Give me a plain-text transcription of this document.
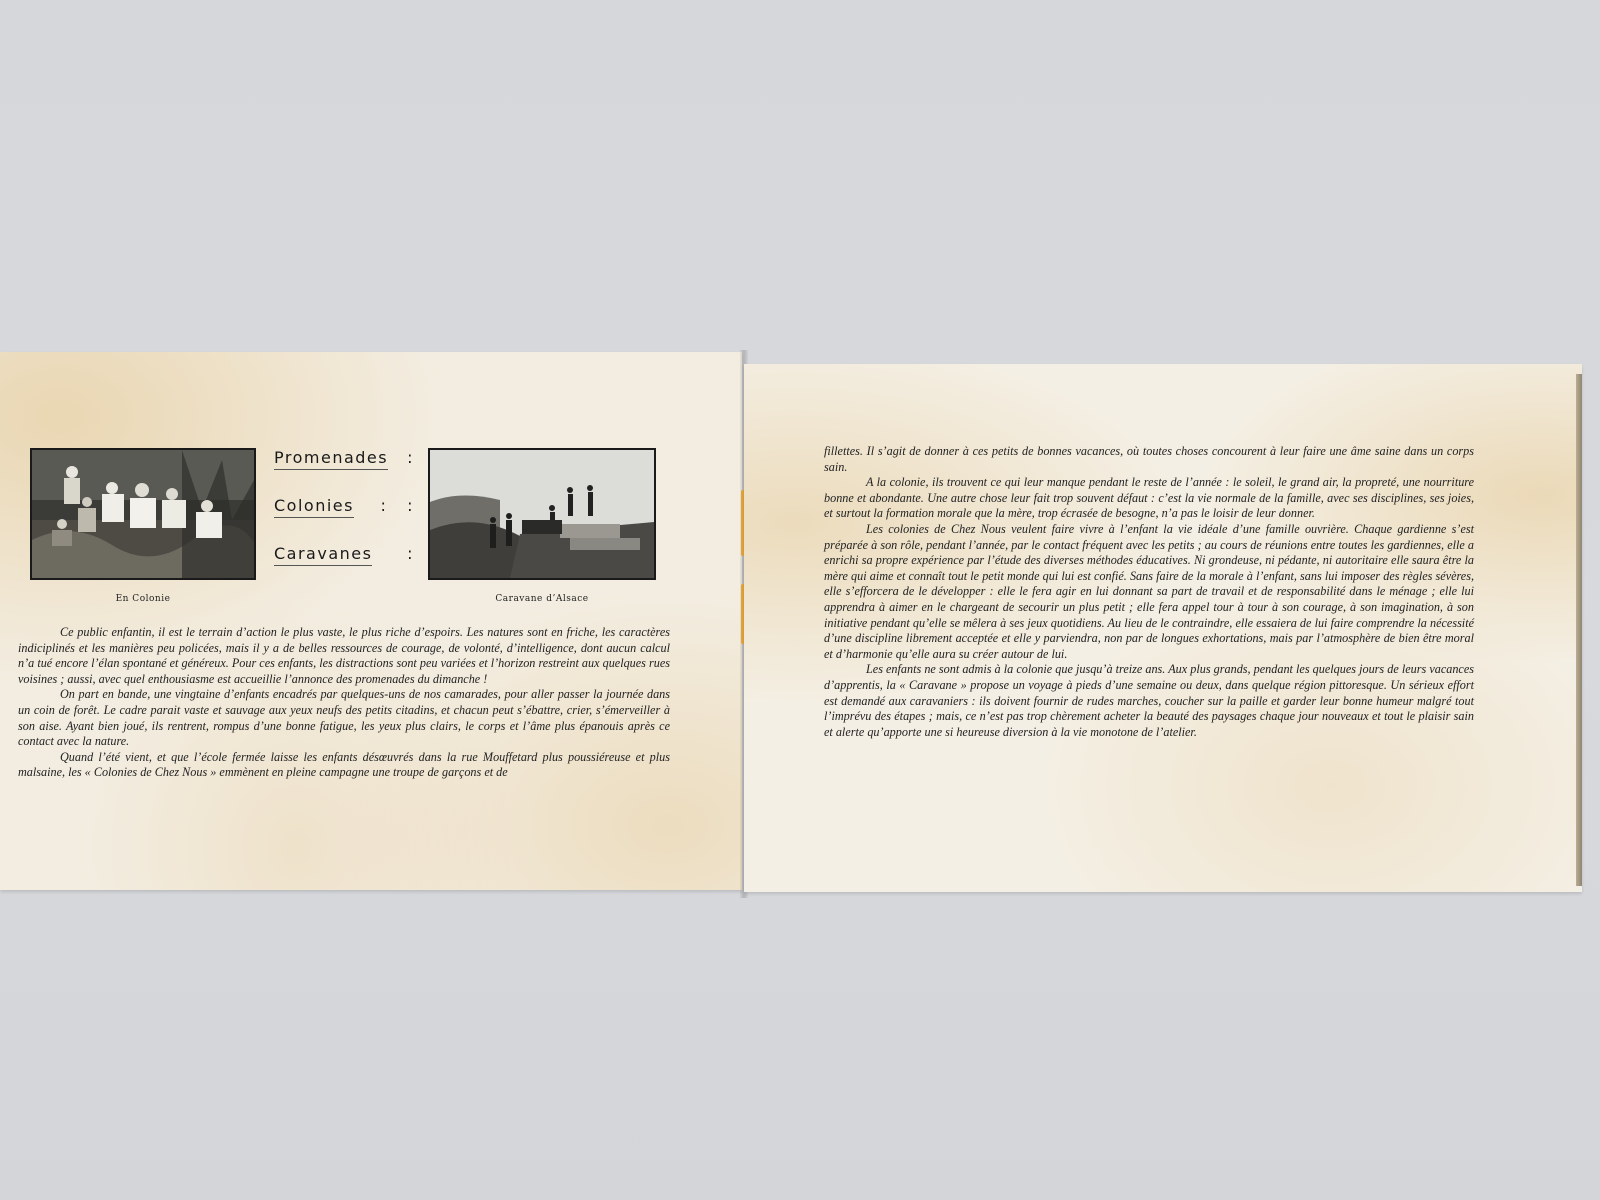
En Colonie
Promenades :
Colonies :   :
Caravanes :
Caravane d’Alsace

Ce public enfantin, il est le terrain d’action le plus vaste, le plus riche d’espoirs. Les natures sont en friche, les caractères indiciplinés et les manières peu policées, mais il y a de belles ressources de courage, de volonté, d’intelligence, dont aucun calcul n’a tué encore l’élan spontané et généreux. Pour ces enfants, les distractions sont peu variées et l’horizon restreint aux quelques rues voisines ; aussi, avec quel enthousiasme est accueillie l’annonce des promenades du dimanche !

On part en bande, une vingtaine d’enfants encadrés par quelques-uns de nos camarades, pour aller passer la journée dans un coin de forêt. Le cadre parait vaste et sauvage aux yeux neufs des petits citadins, et chacun peut s’ébattre, crier, s’émerveiller à son aise. Ayant bien joué, ils rentrent, rompus d’une bonne fatigue, les yeux plus clairs, le corps et l’âme plus épanouis après ce contact avec la nature.

Quand l’été vient, et que l’école fermée laisse les enfants désœuvrés dans la rue Mouffetard plus poussiéreuse et plus malsaine, les « Colonies de Chez Nous » emmènent en pleine campagne une troupe de garçons et de

fillettes. Il s’agit de donner à ces petits de bonnes vacances, où toutes choses concourent à leur faire une âme saine dans un corps sain.

A la colonie, ils trouvent ce qui leur manque pendant le reste de l’année : le soleil, le grand air, la propreté, une nourriture bonne et abondante. Une autre chose leur fait trop souvent défaut : c’est la vie normale de la famille, avec ses disciplines, ses joies, et surtout la formation morale que la mère, trop écrasée de besogne, n’a pas le loisir de leur donner.

Les colonies de Chez Nous veulent faire vivre à l’enfant la vie idéale d’une famille ouvrière. Chaque gardienne s’est préparée à son rôle, pendant l’année, par le contact fréquent avec les petits ; au cours de réunions entre toutes les gardiennes, elle a enrichi sa propre expérience par l’étude des diverses méthodes éducatives. Ni grondeuse, ni pédante, ni autoritaire elle saura être la mère qui aime et connaît tout le petit monde qui lui est confié. Sans faire de la morale à l’enfant, sans lui imposer des règles sévères, elle s’efforcera de le développer : elle le fera agir en lui donnant sa part de travail et de responsabilité dans le ménage ; elle lui apprendra à aimer en le chargeant de secourir un plus petit ; elle fera appel tour à tour à son courage, à son imagination, à son initiative pendant qu’elle se mêlera à ses jeux quotidiens. Au lieu de le contraindre, elle essaiera de lui faire comprendre la nécessité d’une discipline librement acceptée et elle y parviendra, non par de longues exhortations, mais par l’atmosphère de bien être moral et d’harmonie qu’elle aura su créer autour de lui.

Les enfants ne sont admis à la colonie que jusqu’à treize ans. Aux plus grands, pendant les quelques jours de leurs vacances d’apprentis, la « Caravane » propose un voyage à pieds d’une semaine ou deux, dans quelque région pittoresque. Un sérieux effort est demandé aux caravaniers : ils doivent fournir de rudes marches, coucher sur la paille et garder leur bonne humeur malgré tout l’imprévu des étapes ; mais, ce n’est pas trop chèrement acheter la beauté des paysages chaque jour nouveaux et tout le plaisir sain et alerte qu’apporte une si heureuse diversion à la vie monotone de l’atelier.
